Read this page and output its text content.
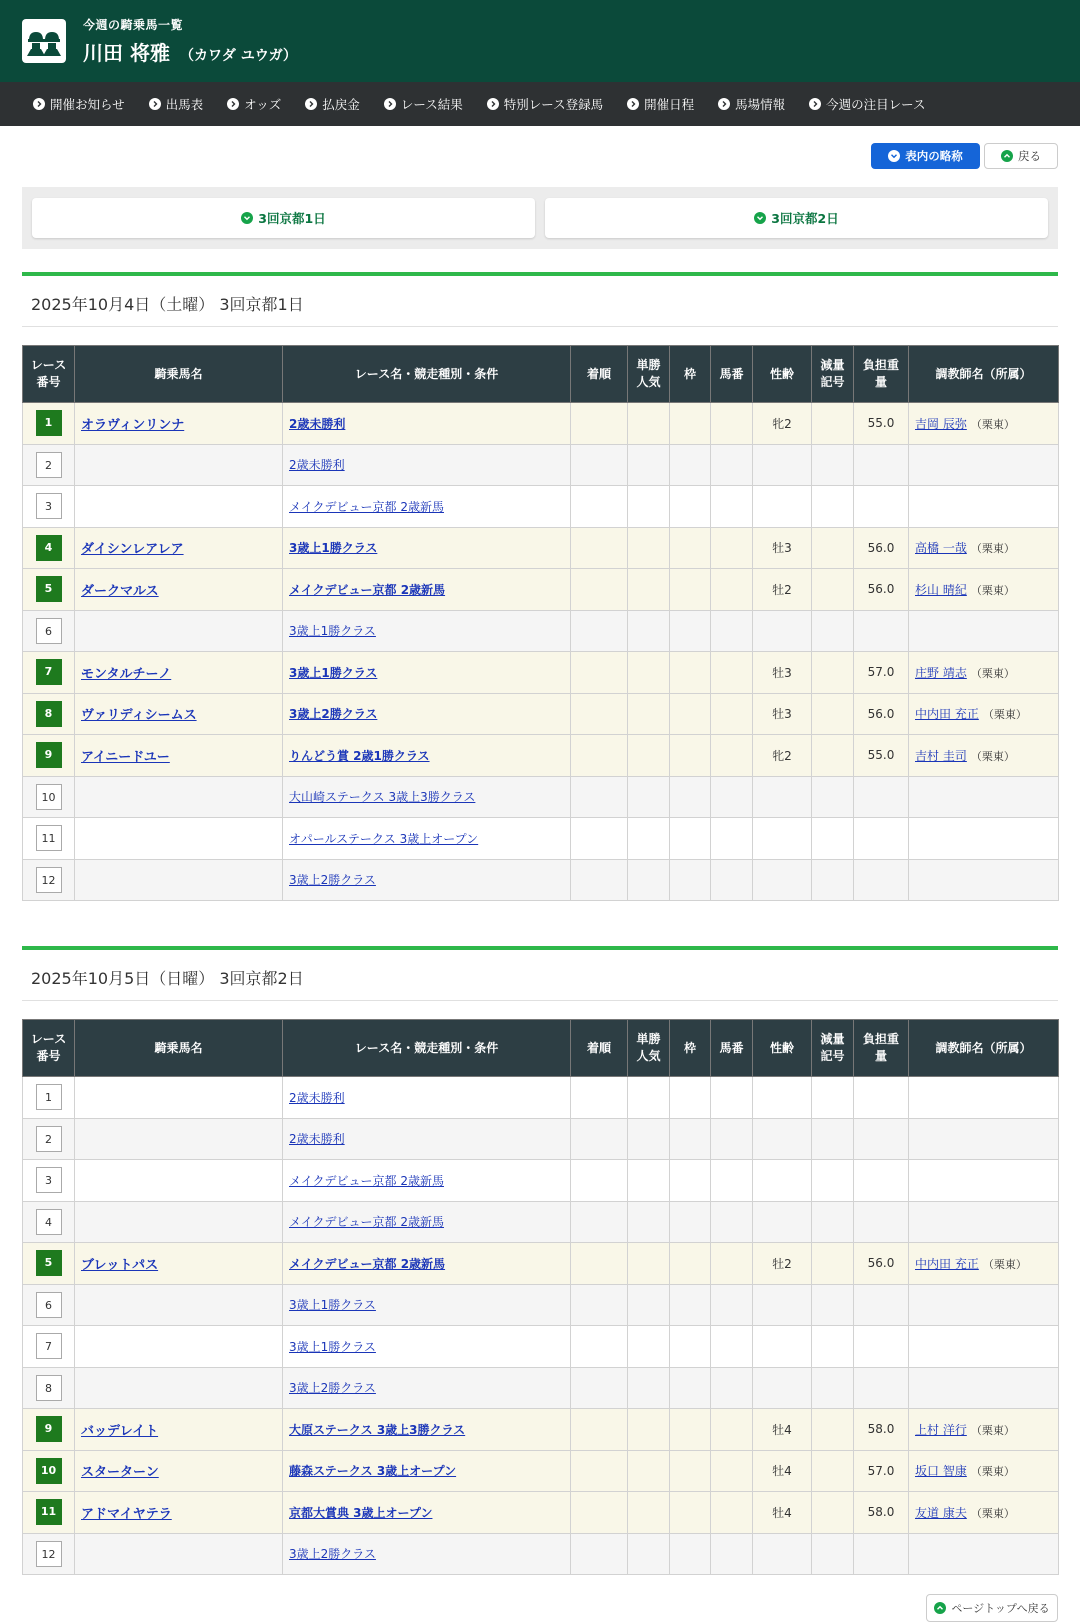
今週の騎乗馬一覧
川田 将雅 （カワダ ユウガ）
開催お知らせ	出馬表	オッズ	払戻金	レース結果	特別レース登録馬	開催日程	馬場情報	今週の注目レース
表内の略称	戻る
3回京都1日	3回京都2日
2025年10月4日（土曜） 3回京都1日
レース番号	騎乗馬名	レース名・競走種別・条件	着順	単勝人気	枠	馬番	性齢	減量記号	負担重量	調教師名（所属）
1	オラヴィンリンナ	2歳未勝利					牝2		55.0	吉岡 辰弥 （栗東）
2		2歳未勝利								
3		メイクデビュー京都 2歳新馬								
4	ダイシンレアレア	3歳上1勝クラス					牡3		56.0	高橋 一哉 （栗東）
5	ダークマルス	メイクデビュー京都 2歳新馬					牡2		56.0	杉山 晴紀 （栗東）
6		3歳上1勝クラス								
7	モンタルチーノ	3歳上1勝クラス					牡3		57.0	庄野 靖志 （栗東）
8	ヴァリディシームス	3歳上2勝クラス					牡3		56.0	中内田 充正 （栗東）
9	アイニードユー	りんどう賞 2歳1勝クラス					牝2		55.0	吉村 圭司 （栗東）
10		大山崎ステークス 3歳上3勝クラス								
11		オパールステークス 3歳上オープン								
12		3歳上2勝クラス								
2025年10月5日（日曜） 3回京都2日
レース番号	騎乗馬名	レース名・競走種別・条件	着順	単勝人気	枠	馬番	性齢	減量記号	負担重量	調教師名（所属）
1		2歳未勝利								
2		2歳未勝利								
3		メイクデビュー京都 2歳新馬								
4		メイクデビュー京都 2歳新馬								
5	ブレットパス	メイクデビュー京都 2歳新馬					牡2		56.0	中内田 充正 （栗東）
6		3歳上1勝クラス								
7		3歳上1勝クラス								
8		3歳上2勝クラス								
9	バッデレイト	大原ステークス 3歳上3勝クラス					牡4		58.0	上村 洋行 （栗東）
10	スターターン	藤森ステークス 3歳上オープン					牡4		57.0	坂口 智康 （栗東）
11	アドマイヤテラ	京都大賞典 3歳上オープン					牡4		58.0	友道 康夫 （栗東）
12		3歳上2勝クラス								
ページトップへ戻る
